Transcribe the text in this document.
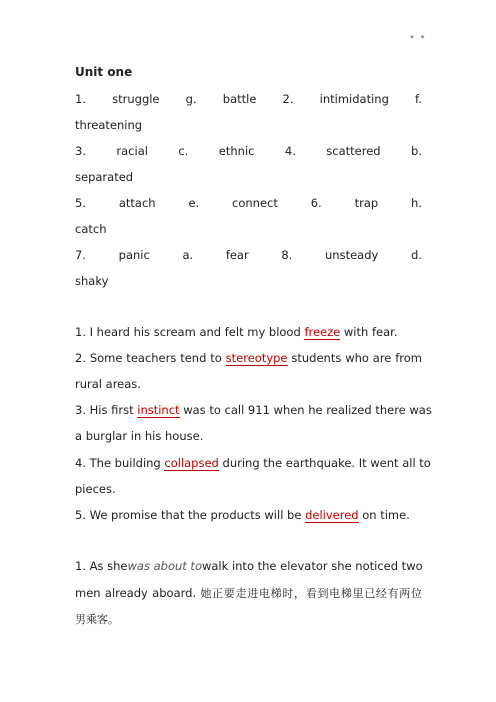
* *
Unit one
1. struggle g. battle 2. intimidating f.
threatening
3.	racial	c.	ethnic	4.	scattered	b.
separated
5.	attach	e.	connect	6.	trap	h.
catch
7.	panic	a.	fear	8.	unsteady	d.
shaky
1. I heard his scream and felt my blood freeze with fear.
2. Some teachers tend to stereotype students who are from
rural areas.
3. His first instinct was to call 911 when he realized there was
a burglar in his house.
4. The building collapsed during the earthquake. It went all to
pieces.
5. We promise that the products will be delivered on time.
1. As shewas about towalk into the elevator she noticed two
men already aboard. 她正要走进电梯时，看到电梯里已经有两位
男乘客。
